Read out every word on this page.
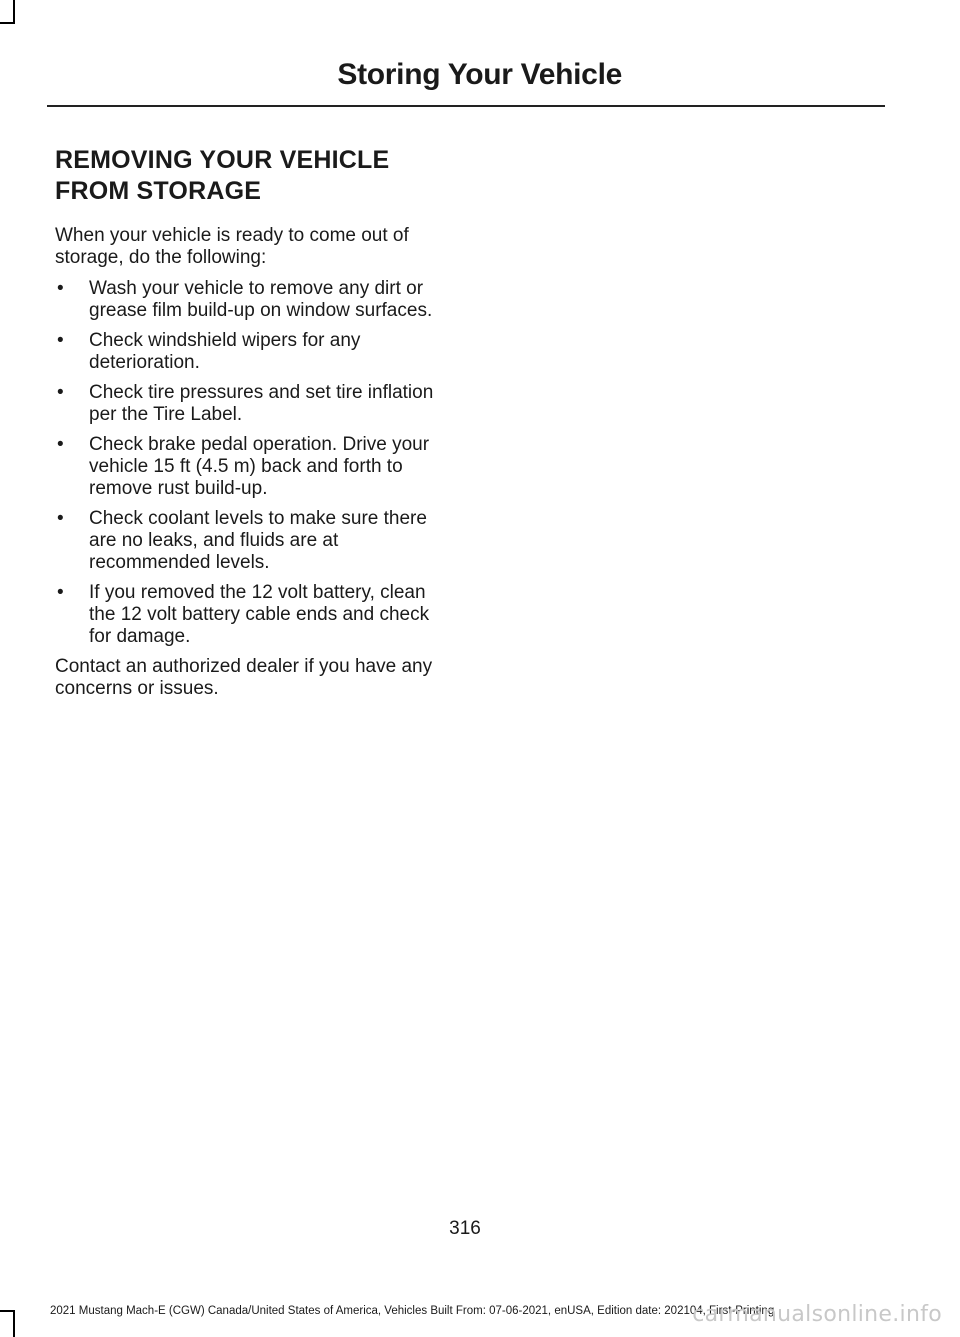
Storing Your Vehicle
REMOVING YOUR VEHICLE
FROM STORAGE

When your vehicle is ready to come out of storage, do the following:

• Wash your vehicle to remove any dirt or grease film build-up on window surfaces.
• Check windshield wipers for any deterioration.
• Check tire pressures and set tire inflation per the Tire Label.
• Check brake pedal operation. Drive your vehicle 15 ft (4.5 m) back and forth to remove rust build-up.
• Check coolant levels to make sure there are no leaks, and fluids are at recommended levels.
• If you removed the 12 volt battery, clean the 12 volt battery cable ends and check for damage.

Contact an authorized dealer if you have any concerns or issues.

316
2021 Mustang Mach-E (CGW) Canada/United States of America, Vehicles Built From: 07-06-2021, enUSA, Edition date: 202104, First-Printing
carmanualsonline.info
